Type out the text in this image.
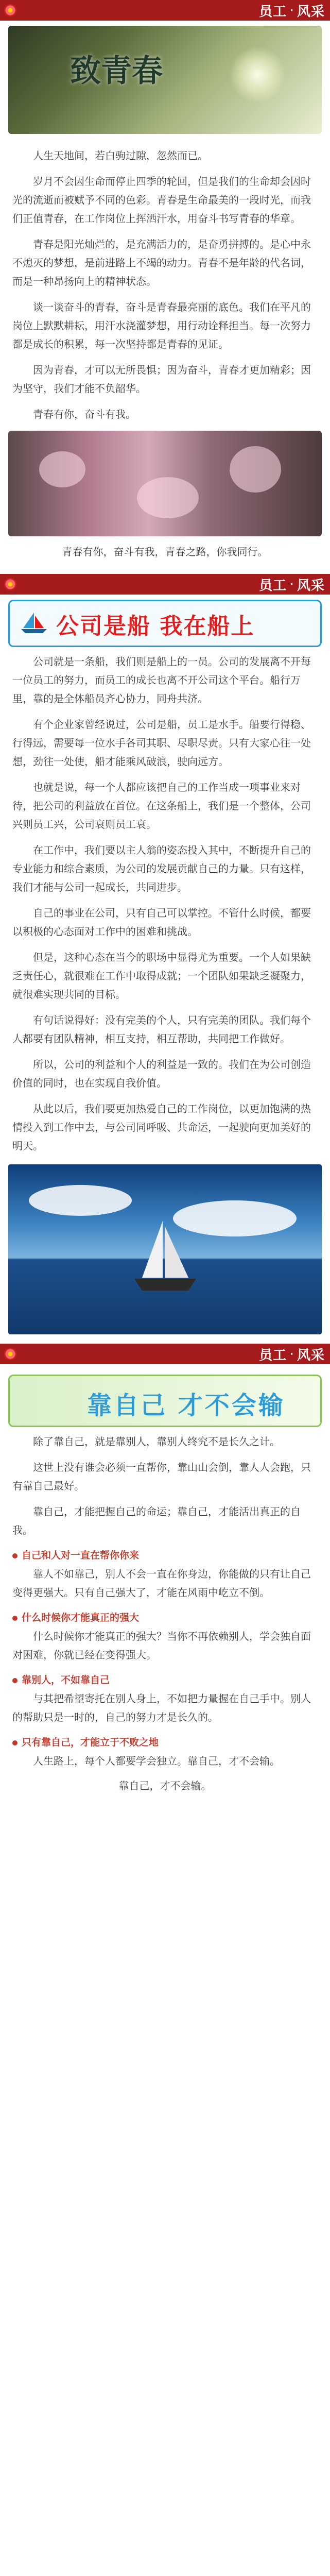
员工 · 风采
致青春

人生天地间，若白驹过隙，忽然而已。

岁月不会因生命而停止四季的轮回，但是我们的生命却会因时光的流逝而被赋予不同的色彩。青春是生命最美的一段时光，而我们正值青春，在工作岗位上挥洒汗水，用奋斗书写青春的华章。

青春是阳光灿烂的，是充满活力的，是奋勇拼搏的。是心中永不熄灭的梦想，是前进路上不竭的动力。青春不是年龄的代名词，而是一种昂扬向上的精神状态。

谈一谈奋斗的青春，奋斗是青春最亮丽的底色。我们在平凡的岗位上默默耕耘，用汗水浇灌梦想，用行动诠释担当。每一次努力都是成长的积累，每一次坚持都是青春的见证。

因为青春，才可以无所畏惧；因为奋斗，青春才更加精彩；因为坚守，我们才能不负韶华。

青春有你，奋斗有我。

青春有你，奋斗有我，青春之路，你我同行。
员工 · 风采
公司是船 我在船上

公司就是一条船，我们则是船上的一员。公司的发展离不开每一位员工的努力，而员工的成长也离不开公司这个平台。船行万里，靠的是全体船员齐心协力，同舟共济。

有个企业家曾经说过，公司是船，员工是水手。船要行得稳、行得远，需要每一位水手各司其职、尽职尽责。只有大家心往一处想，劲往一处使，船才能乘风破浪，驶向远方。

也就是说，每一个人都应该把自己的工作当成一项事业来对待，把公司的利益放在首位。在这条船上，我们是一个整体，公司兴则员工兴，公司衰则员工衰。

在工作中，我们要以主人翁的姿态投入其中，不断提升自己的专业能力和综合素质，为公司的发展贡献自己的力量。只有这样，我们才能与公司一起成长，共同进步。

自己的事业在公司，只有自己可以掌控。不管什么时候，都要以积极的心态面对工作中的困难和挑战。

但是，这种心态在当今的职场中显得尤为重要。一个人如果缺乏责任心，就很难在工作中取得成就；一个团队如果缺乏凝聚力，就很难实现共同的目标。

有句话说得好：没有完美的个人，只有完美的团队。我们每个人都要有团队精神，相互支持，相互帮助，共同把工作做好。

所以，公司的利益和个人的利益是一致的。我们在为公司创造价值的同时，也在实现自我价值。

从此以后，我们要更加热爱自己的工作岗位，以更加饱满的热情投入到工作中去，与公司同呼吸、共命运，一起驶向更加美好的明天。

员工 · 风采
靠自己 才不会输

除了靠自己，就是靠别人，靠别人终究不是长久之计。

这世上没有谁会必须一直帮你，靠山山会倒，靠人人会跑，只有靠自己最好。

靠自己，才能把握自己的命运；靠自己，才能活出真正的自我。

自己和人对一直在帮你你来

靠人不如靠己，别人不会一直在你身边，你能做的只有让自己变得更强大。只有自己强大了，才能在风雨中屹立不倒。

什么时候你才能真正的强大

什么时候你才能真正的强大？当你不再依赖别人，学会独自面对困难，你就已经在变得强大。

靠别人，不如靠自己

与其把希望寄托在别人身上，不如把力量握在自己手中。别人的帮助只是一时的，自己的努力才是长久的。

只有靠自己，才能立于不败之地

人生路上，每个人都要学会独立。靠自己，才不会输。

靠自己，才不会输。
